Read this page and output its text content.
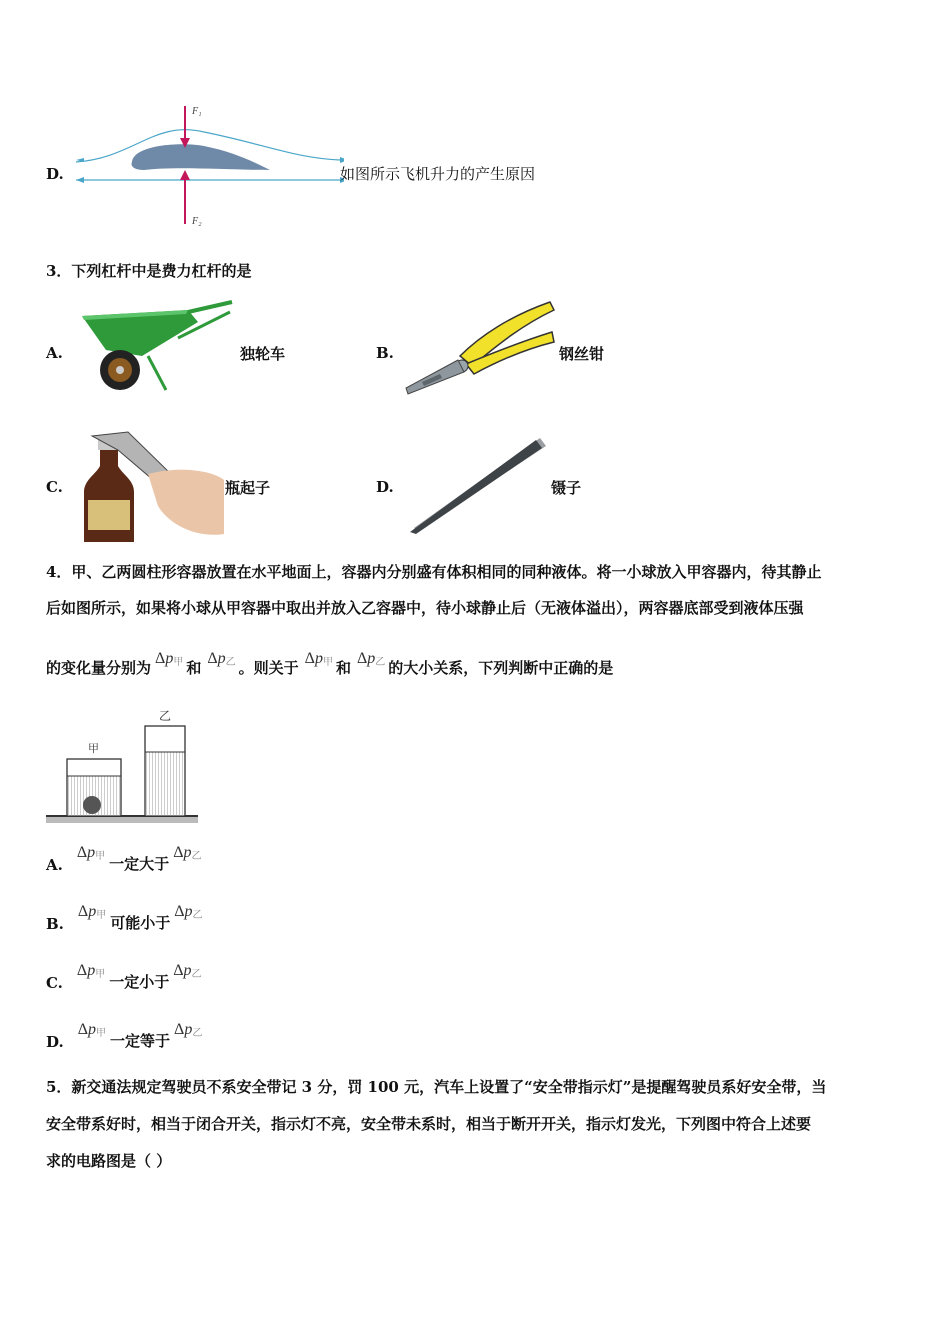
D.
F₁
F₂
如图所示飞机升力的产生原因
3．下列杠杆中是费力杠杆的是
A.	独轮车	B.	钢丝钳
C.	瓶起子	D.	镊子
4．甲、乙两圆柱形容器放置在水平地面上，容器内分别盛有体积相同的同种液体。将一小球放入甲容器内，待其静止
后如图所示，如果将小球从甲容器中取出并放入乙容器中，待小球静止后（无液体溢出），两容器底部受到液体压强
的变化量分别为
$\Delta p_甲$ 和
$\Delta p_乙$ 。则关于
$\Delta p_甲$ 和
$\Delta p_乙$ 的大小关系，下列判断中正确的是
甲
乙
A.
$\Delta p_甲$ 一定大于
$\Delta p_乙$
B.
$\Delta p_甲$ 可能小于
$\Delta p_乙$
C.
$\Delta p_甲$ 一定小于
$\Delta p_乙$
D.
$\Delta p_甲$ 一定等于
$\Delta p_乙$
5．新交通法规定驾驶员不系安全带记 3 分，罚 100 元，汽车上设置了“安全带指示灯”是提醒驾驶员系好安全带，当
安全带系好时，相当于闭合开关，指示灯不亮，安全带未系时，相当于断开开关，指示灯发光，下列图中符合上述要
求的电路图是（ ）
